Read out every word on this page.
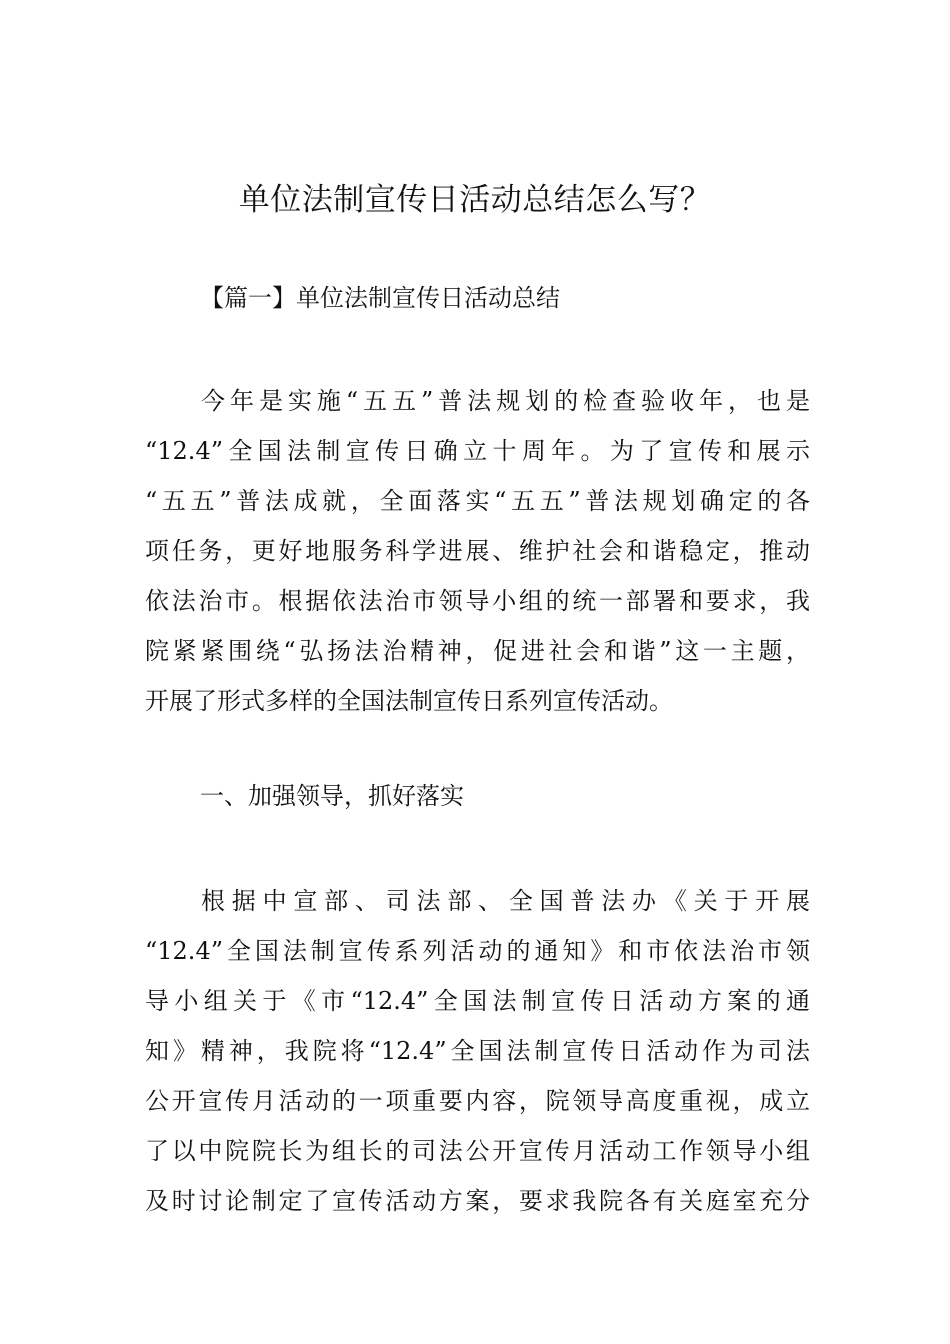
单位法制宣传日活动总结怎么写？
【篇一】单位法制宣传日活动总结
今年是实施“五五”普法规划的检查验收年，也是
“12.4”全国法制宣传日确立十周年。为了宣传和展示
“五五”普法成就，全面落实“五五”普法规划确定的各
项任务，更好地服务科学进展、维护社会和谐稳定，推动
依法治市。根据依法治市领导小组的统一部署和要求，我
院紧紧围绕“弘扬法治精神，促进社会和谐”这一主题，
开展了形式多样的全国法制宣传日系列宣传活动。
一、加强领导，抓好落实
根据中宣部、司法部、全国普法办《关于开展
“12.4”全国法制宣传系列活动的通知》和市依法治市领
导小组关于《市“12.4”全国法制宣传日活动方案的通
知》精神，我院将“12.4”全国法制宣传日活动作为司法
公开宣传月活动的一项重要内容，院领导高度重视，成立
了以中院院长为组长的司法公开宣传月活动工作领导小组
及时讨论制定了宣传活动方案，要求我院各有关庭室充分
